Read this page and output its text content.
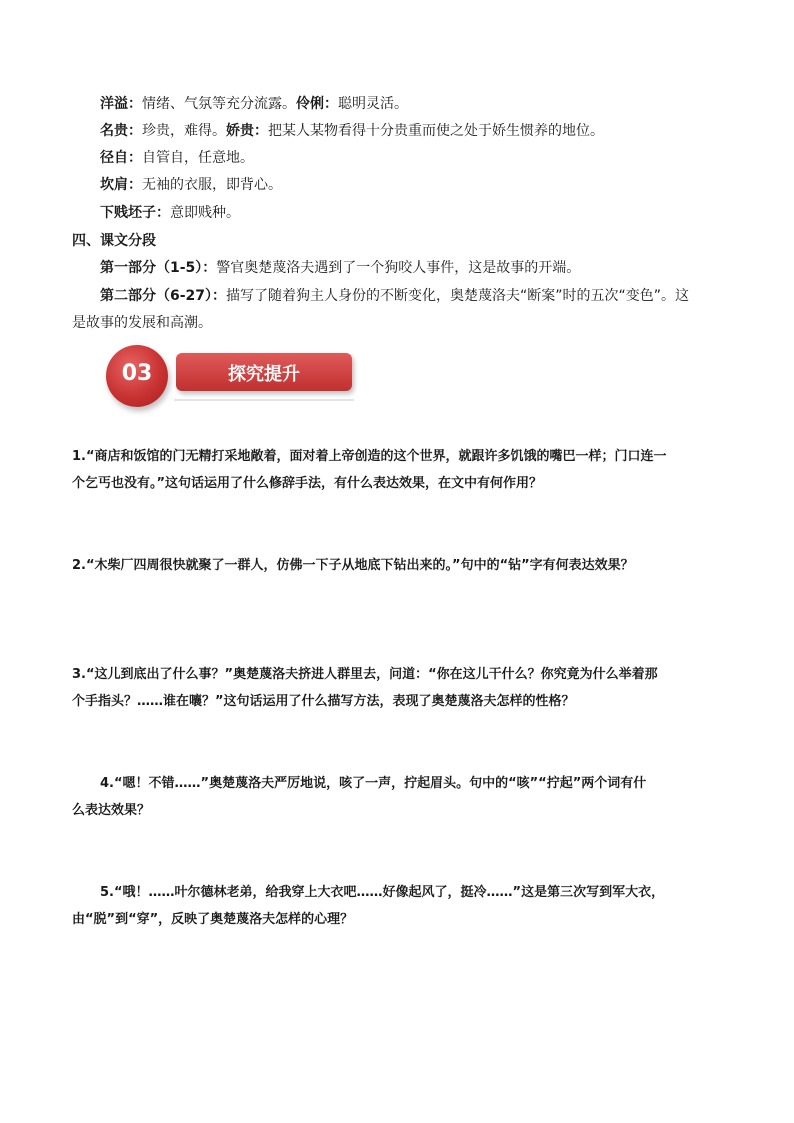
洋溢：情绪、气氛等充分流露。伶俐：聪明灵活。
名贵：珍贵，难得。娇贵：把某人某物看得十分贵重而使之处于娇生惯养的地位。
径自：自管自，任意地。
坎肩：无袖的衣服，即背心。
下贱坯子：意即贱种。
四、课文分段
第一部分（1-5）：警官奥楚蔑洛夫遇到了一个狗咬人事件，这是故事的开端。
第二部分（6-27）：描写了随着狗主人身份的不断变化，奥楚蔑洛夫“断案”时的五次“变色”。这
是故事的发展和高潮。
探究提升
03
1.“商店和饭馆的门无精打采地敞着，面对着上帝创造的这个世界，就跟许多饥饿的嘴巴一样；门口连一
个乞丐也没有。”这句话运用了什么修辞手法，有什么表达效果，在文中有何作用？
2.“木柴厂四周很快就聚了一群人，仿佛一下子从地底下钻出来的。”句中的“钻”字有何表达效果？
3.“这儿到底出了什么事？”奥楚蔑洛夫挤进人群里去，问道：“你在这儿干什么？你究竟为什么举着那
个手指头？……谁在嚷？”这句话运用了什么描写方法，表现了奥楚蔑洛夫怎样的性格？
4.“嗯！不错……”奥楚蔑洛夫严厉地说，咳了一声，拧起眉头。句中的“咳”“拧起”两个词有什
么表达效果？
5.“哦！……叶尔德林老弟，给我穿上大衣吧……好像起风了，挺冷……”这是第三次写到军大衣，
由“脱”到“穿”，反映了奥楚蔑洛夫怎样的心理？
